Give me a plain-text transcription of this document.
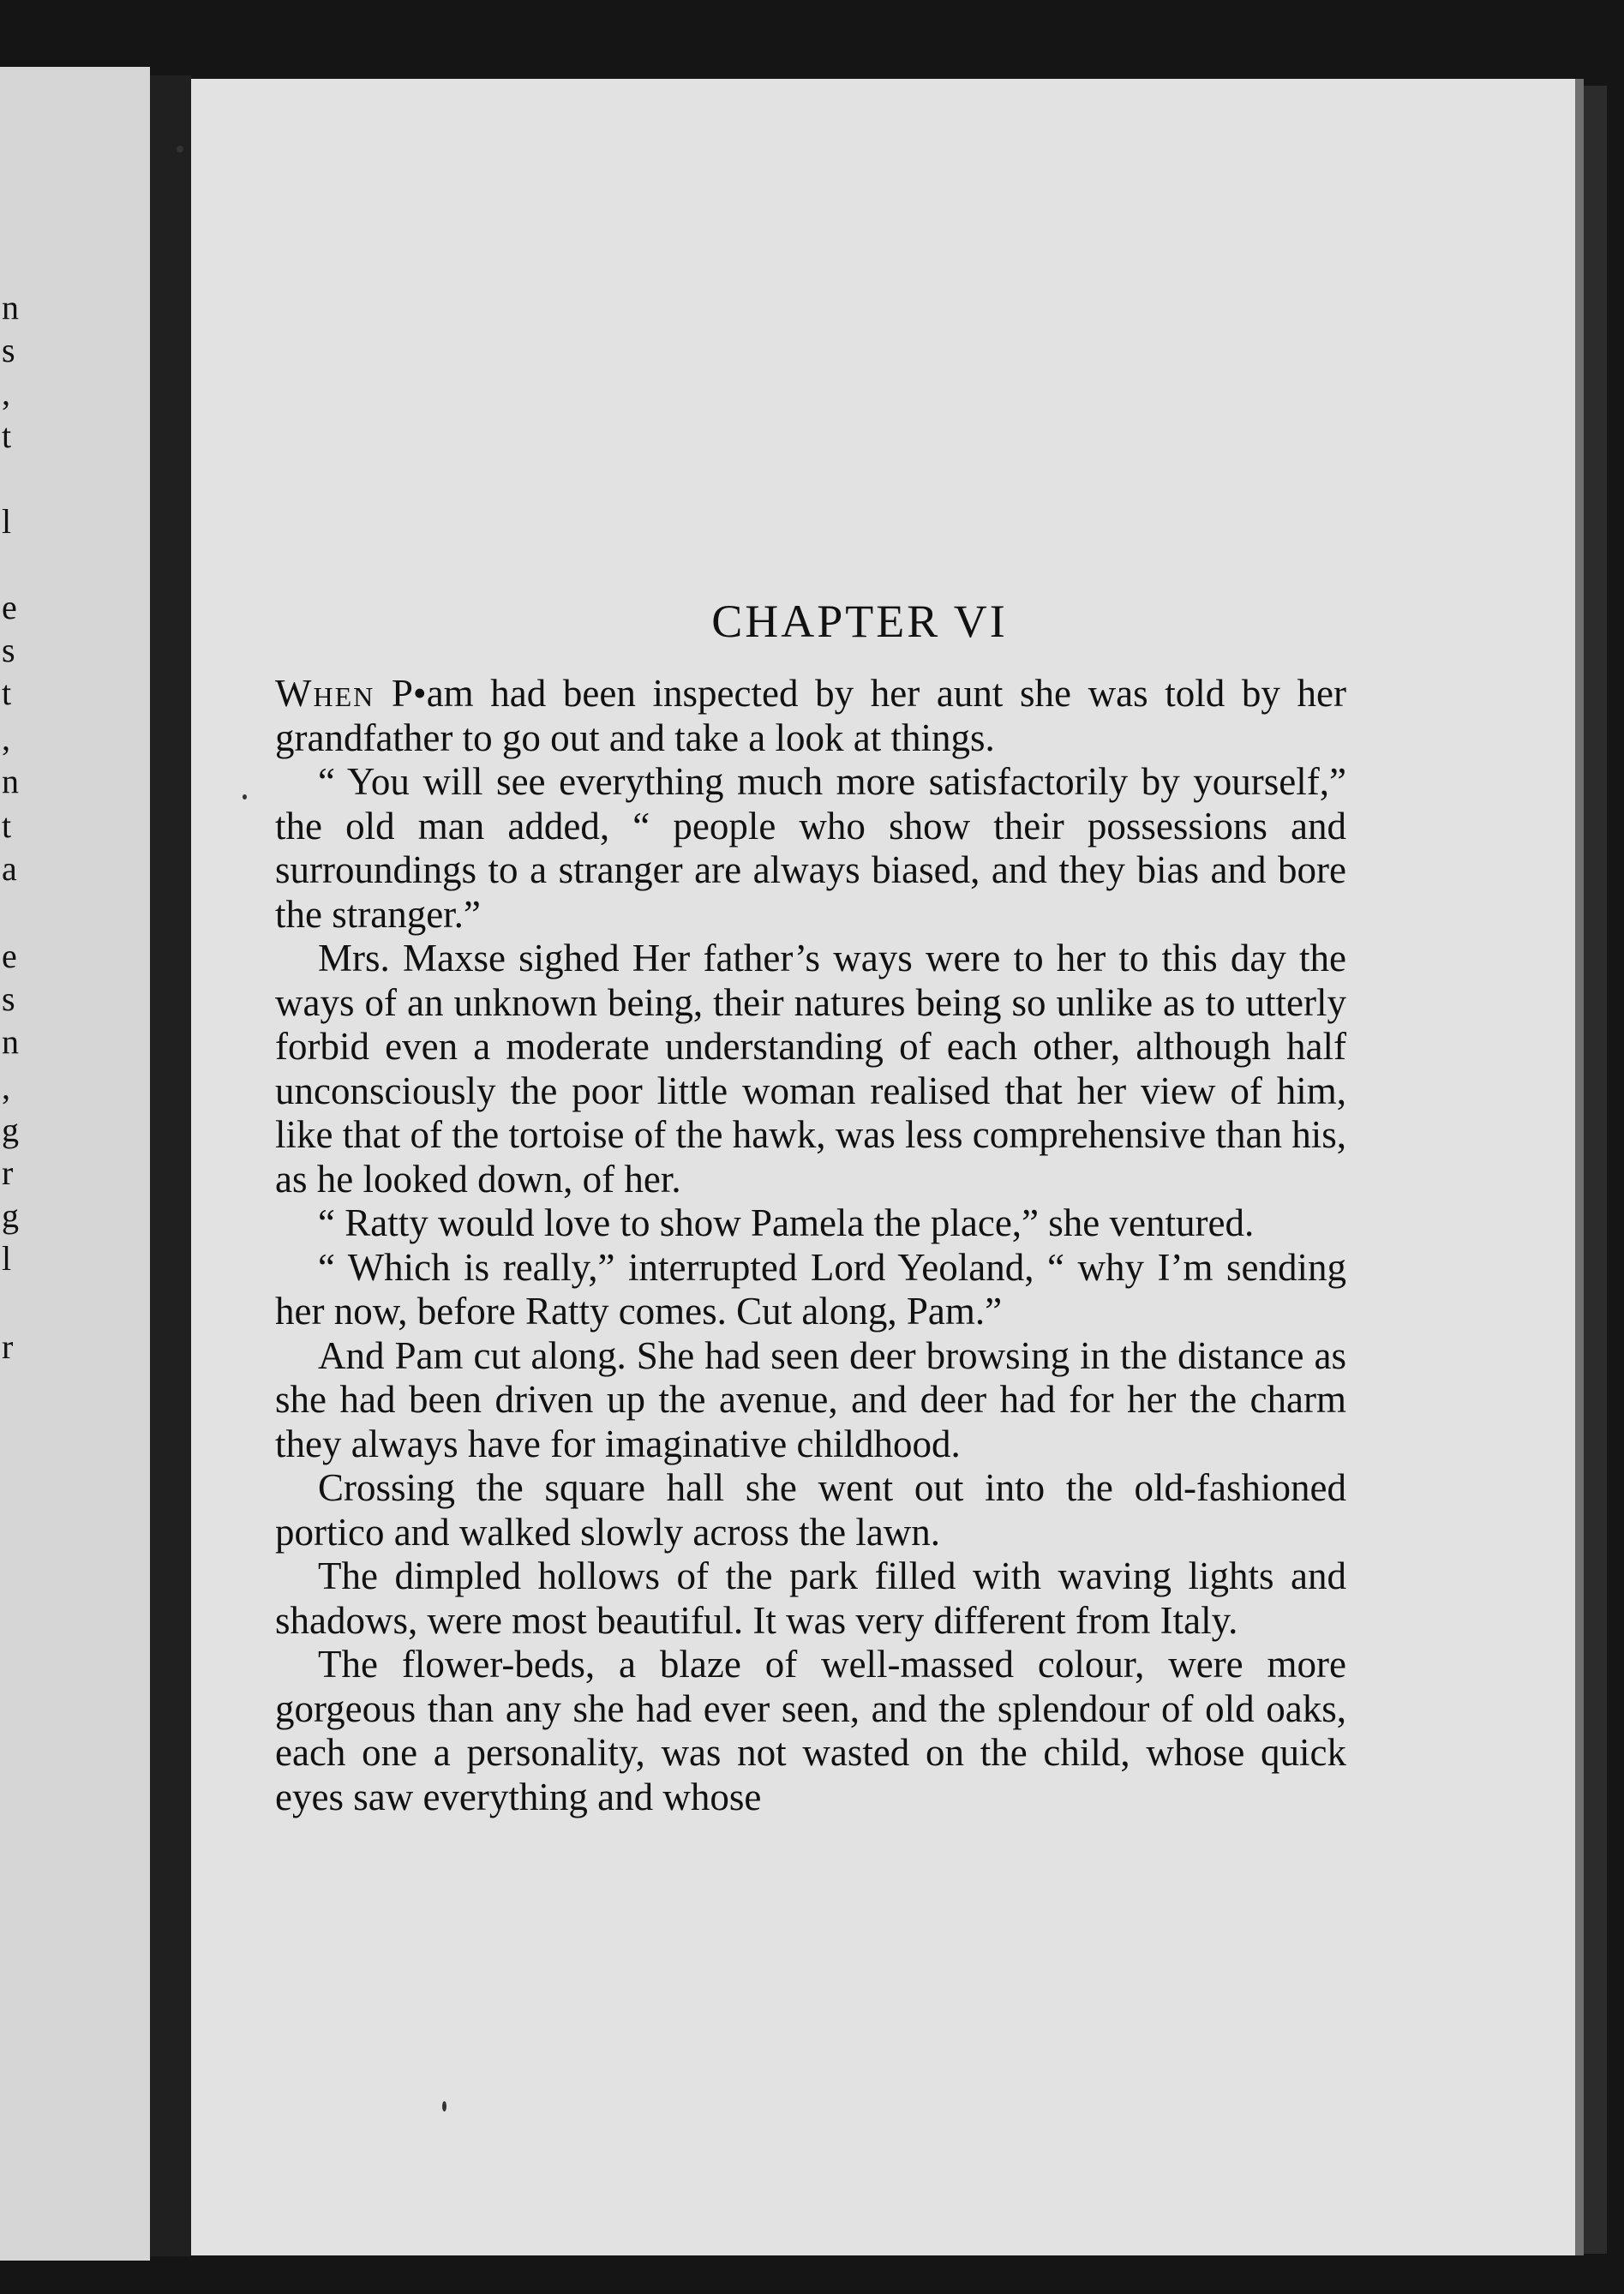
n
s
,
t
l
e
s
t
,
n
t
a
e
s
n
,
g
r
g
l
r
CHAPTER VI

When P•am had been inspected by her aunt she was told by her grandfather to go out and take a look at things.

“ You will see everything much more satisfactorily by yourself,” the old man added, “ people who show their possessions and surroundings to a stranger are always biased, and they bias and bore the stranger.”

Mrs. Maxse sighed Her father’s ways were to her to this day the ways of an unknown being, their natures being so unlike as to utterly forbid even a moderate understanding of each other, although half unconsciously the poor little woman realised that her view of him, like that of the tortoise of the hawk, was less comprehensive than his, as he looked down, of her.

“ Ratty would love to show Pamela the place,” she ventured.

“ Which is really,” interrupted Lord Yeoland, “ why I’m sending her now, before Ratty comes. Cut along, Pam.”

And Pam cut along. She had seen deer browsing in the distance as she had been driven up the avenue, and deer had for her the charm they always have for imaginative childhood.

Crossing the square hall she went out into the old-fashioned portico and walked slowly across the lawn.

The dimpled hollows of the park filled with waving lights and shadows, were most beautiful. It was very different from Italy.

The flower-beds, a blaze of well-massed colour, were more gorgeous than any she had ever seen, and the splendour of old oaks, each one a personality, was not wasted on the child, whose quick eyes saw everything and whose
